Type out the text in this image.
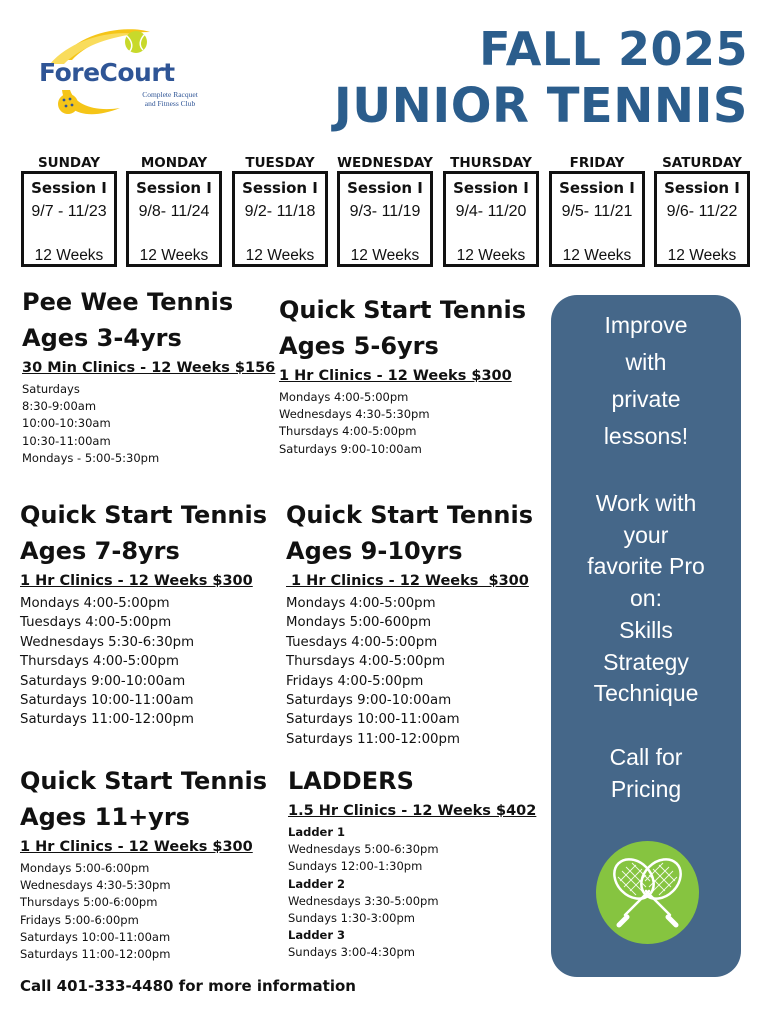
ForeCourt
Complete Racquet
and Fitness Club
FALL 2025
JUNIOR TENNIS
SUNDAY
Session I
9/7 - 11/23
12 Weeks
MONDAY
Session I
9/8- 11/24
12 Weeks
TUESDAY
Session I
9/2- 11/18
12 Weeks
WEDNESDAY
Session I
9/3- 11/19
12 Weeks
THURSDAY
Session I
9/4- 11/20
12 Weeks
FRIDAY
Session I
9/5- 11/21
12 Weeks
SATURDAY
Session I
9/6- 11/22
12 Weeks
Pee Wee Tennis
Ages 3-4yrs
30 Min Clinics - 12 Weeks $156
Saturdays
8:30-9:00am
10:00-10:30am
10:30-11:00am
Mondays - 5:00-5:30pm
Quick Start Tennis
Ages 5-6yrs
1 Hr Clinics - 12 Weeks $300
Mondays 4:00-5:00pm
Wednesdays 4:30-5:30pm
Thursdays 4:00-5:00pm
Saturdays 9:00-10:00am
Quick Start Tennis
Ages 7-8yrs
1 Hr Clinics - 12 Weeks $300
Mondays 4:00-5:00pm
Tuesdays 4:00-5:00pm
Wednesdays 5:30-6:30pm
Thursdays 4:00-5:00pm
Saturdays 9:00-10:00am
Saturdays 10:00-11:00am
Saturdays 11:00-12:00pm
Quick Start Tennis
Ages 9-10yrs
1 Hr Clinics - 12 Weeks  $300
Mondays 4:00-5:00pm
Mondays 5:00-600pm
Tuesdays 4:00-5:00pm
Thursdays 4:00-5:00pm
Fridays 4:00-5:00pm
Saturdays 9:00-10:00am
Saturdays 10:00-11:00am
Saturdays 11:00-12:00pm
Quick Start Tennis
Ages 11+yrs
1 Hr Clinics - 12 Weeks $300
Mondays 5:00-6:00pm
Wednesdays 4:30-5:30pm
Thursdays 5:00-6:00pm
Fridays 5:00-6:00pm
Saturdays 10:00-11:00am
Saturdays 11:00-12:00pm
LADDERS
1.5 Hr Clinics - 12 Weeks $402
Ladder 1
Wednesdays 5:00-6:30pm
Sundays 12:00-1:30pm
Ladder 2
Wednesdays 3:30-5:00pm
Sundays 1:30-3:00pm
Ladder 3
Sundays 3:00-4:30pm
Improve
with
private
lessons!
Work with
your
favorite Pro
on:
Skills
Strategy
Technique
Call for
Pricing
Call 401-333-4480 for more information
